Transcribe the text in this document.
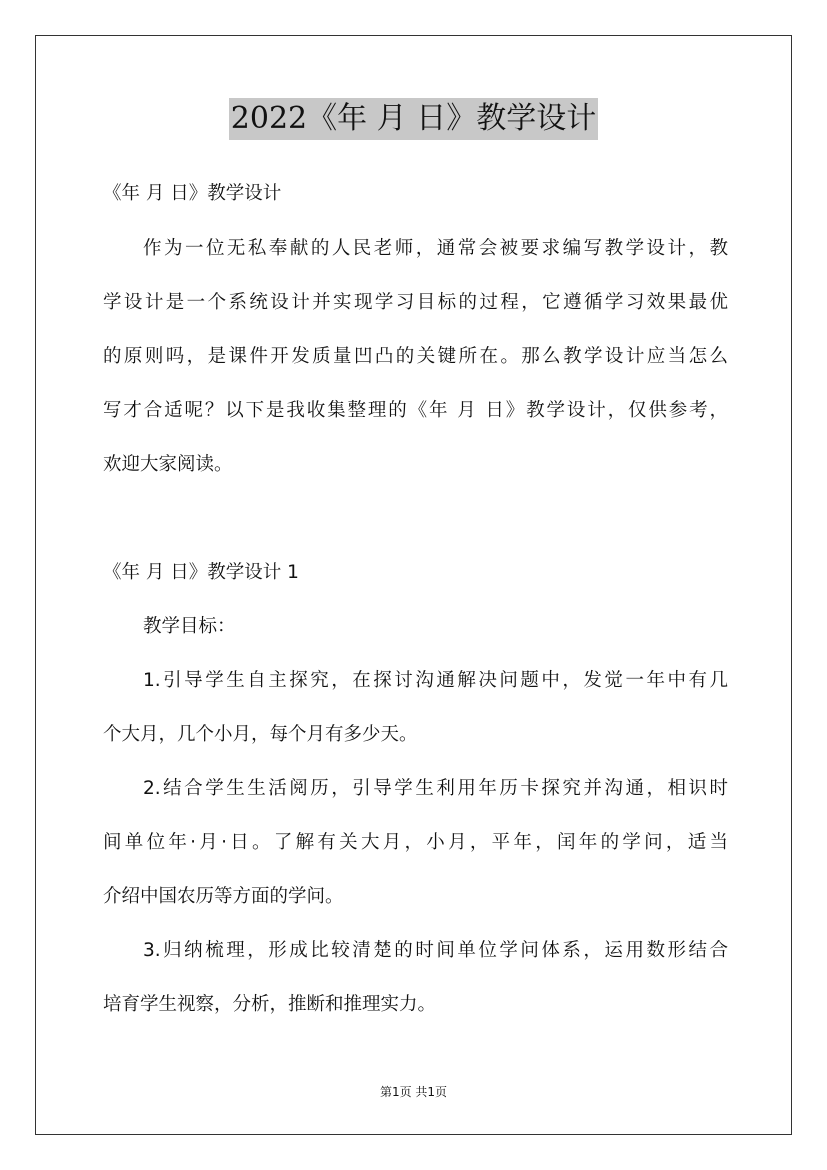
2022《年 月 日》教学设计
《年 月 日》教学设计
作为一位无私奉献的人民老师，通常会被要求编写教学设计，教
学设计是一个系统设计并实现学习目标的过程，它遵循学习效果最优
的原则吗，是课件开发质量凹凸的关键所在。那么教学设计应当怎么
写才合适呢？以下是我收集整理的《年 月 日》教学设计，仅供参考，
欢迎大家阅读。
《年 月 日》教学设计 1
教学目标：
1.引导学生自主探究，在探讨沟通解决问题中，发觉一年中有几
个大月，几个小月，每个月有多少天。
2.结合学生生活阅历，引导学生利用年历卡探究并沟通，相识时
间单位年·月·日。了解有关大月，小月，平年，闰年的学问，适当
介绍中国农历等方面的学问。
3.归纳梳理，形成比较清楚的时间单位学问体系，运用数形结合
培育学生视察，分析，推断和推理实力。
第1页 共1页
